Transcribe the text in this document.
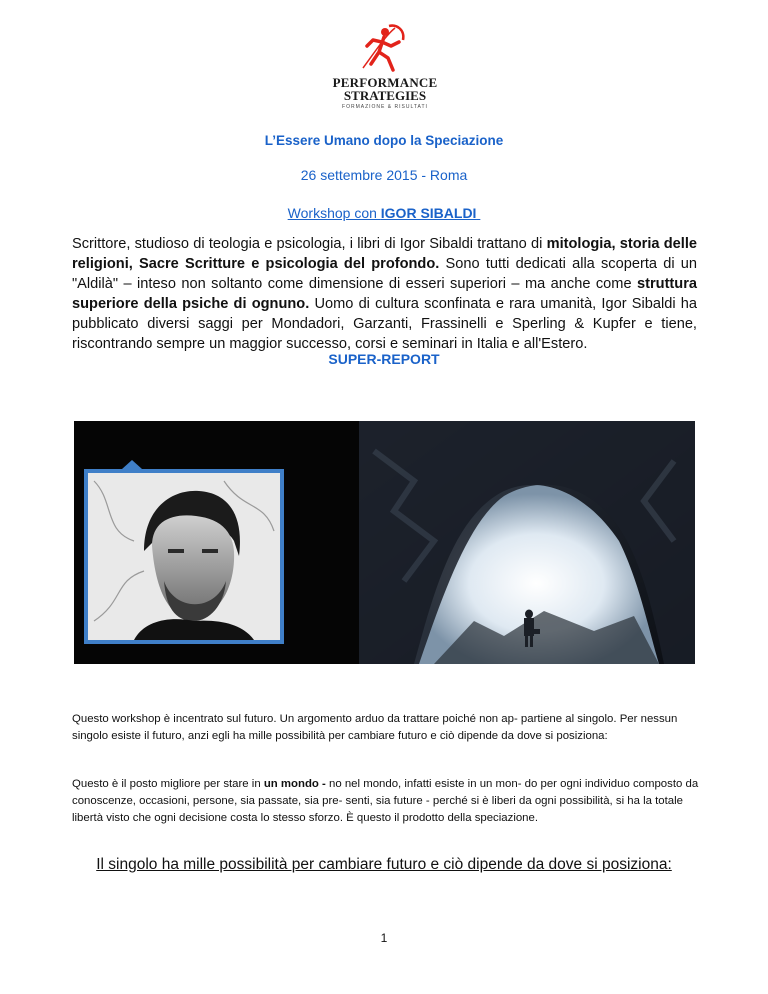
PERFORMANCE
STRATEGIES
FORMAZIONE & RISULTATI
L’Essere Umano dopo la Speciazione
26 settembre 2015 - Roma
Workshop con IGOR SIBALDI
Scrittore, studioso di teologia e psicologia, i libri di Igor Sibaldi trattano di mitologia, storia delle religioni, Sacre Scritture e psicologia del profondo. Sono tutti dedicati alla scoperta di un "Aldilà" – inteso non soltanto come dimensione di esseri superiori – ma anche come struttura superiore della psiche di ognuno. Uomo di cultura sconfinata e rara umanità, Igor Sibaldi ha pubblicato diversi saggi per Mondadori, Garzanti, Frassinelli e Sperling & Kupfer e tiene, riscontrando sempre un maggior successo, corsi e seminari in Italia e all'Estero.
SUPER-REPORT
Questo workshop è incentrato sul futuro. Un argomento arduo da trattare poiché non ap- partiene al singolo. Per nessun singolo esiste il futuro, anzi egli ha mille possibilità per cambiare futuro e ciò dipende da dove si posiziona:
Questo è il posto migliore per stare in un mondo - no nel mondo, infatti esiste in un mon- do per ogni individuo composto da conoscenze, occasioni, persone, sia passate, sia pre- senti, sia future - perché si è liberi da ogni possibilità, si ha la totale libertà visto che ogni decisione costa lo stesso sforzo. È questo il prodotto della speciazione.
Il singolo ha mille possibilità per cambiare futuro e ciò dipende da dove si posiziona:
1
